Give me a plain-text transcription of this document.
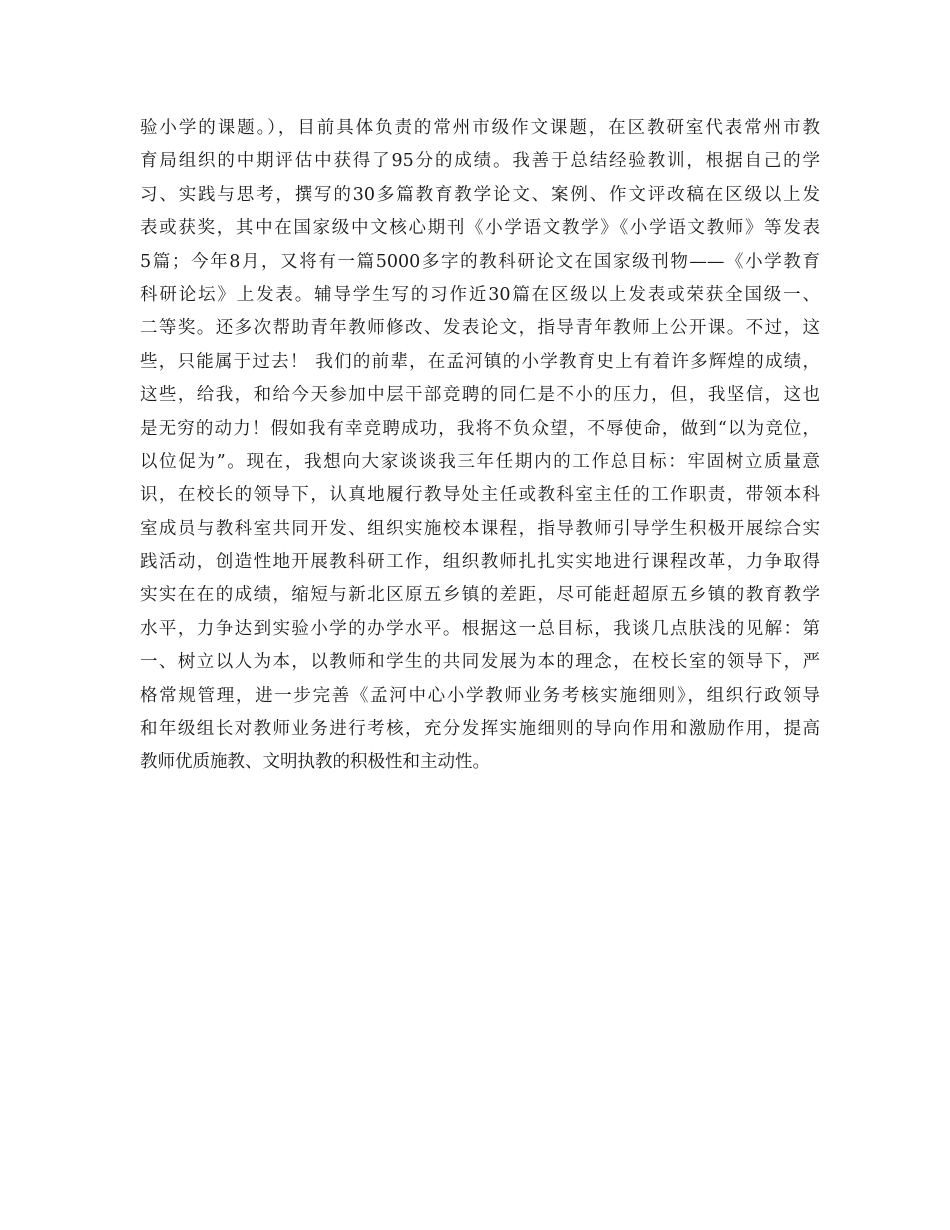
验小学的课题。），目前具体负责的常州市级作文课题，在区教研室代表常州市教
育局组织的中期评估中获得了95分的成绩。我善于总结经验教训，根据自己的学
习、实践与思考，撰写的30多篇教育教学论文、案例、作文评改稿在区级以上发
表或获奖，其中在国家级中文核心期刊《小学语文教学》《小学语文教师》等发表
5篇；今年8月，又将有一篇5000多字的教科研论文在国家级刊物——《小学教育
科研论坛》上发表。辅导学生写的习作近30篇在区级以上发表或荣获全国级一、
二等奖。还多次帮助青年教师修改、发表论文，指导青年教师上公开课。不过，这
些，只能属于过去！ 我们的前辈，在孟河镇的小学教育史上有着许多辉煌的成绩，
这些，给我，和给今天参加中层干部竞聘的同仁是不小的压力，但，我坚信，这也
是无穷的动力！假如我有幸竞聘成功，我将不负众望，不辱使命，做到“以为竞位，
以位促为”。现在，我想向大家谈谈我三年任期内的工作总目标：牢固树立质量意
识，在校长的领导下，认真地履行教导处主任或教科室主任的工作职责，带领本科
室成员与教科室共同开发、组织实施校本课程，指导教师引导学生积极开展综合实
践活动，创造性地开展教科研工作，组织教师扎扎实实地进行课程改革，力争取得
实实在在的成绩，缩短与新北区原五乡镇的差距，尽可能赶超原五乡镇的教育教学
水平，力争达到实验小学的办学水平。根据这一总目标，我谈几点肤浅的见解：第
一、树立以人为本，以教师和学生的共同发展为本的理念，在校长室的领导下，严
格常规管理，进一步完善《孟河中心小学教师业务考核实施细则》，组织行政领导
和年级组长对教师业务进行考核，充分发挥实施细则的导向作用和激励作用，提高
教师优质施教、文明执教的积极性和主动性。
